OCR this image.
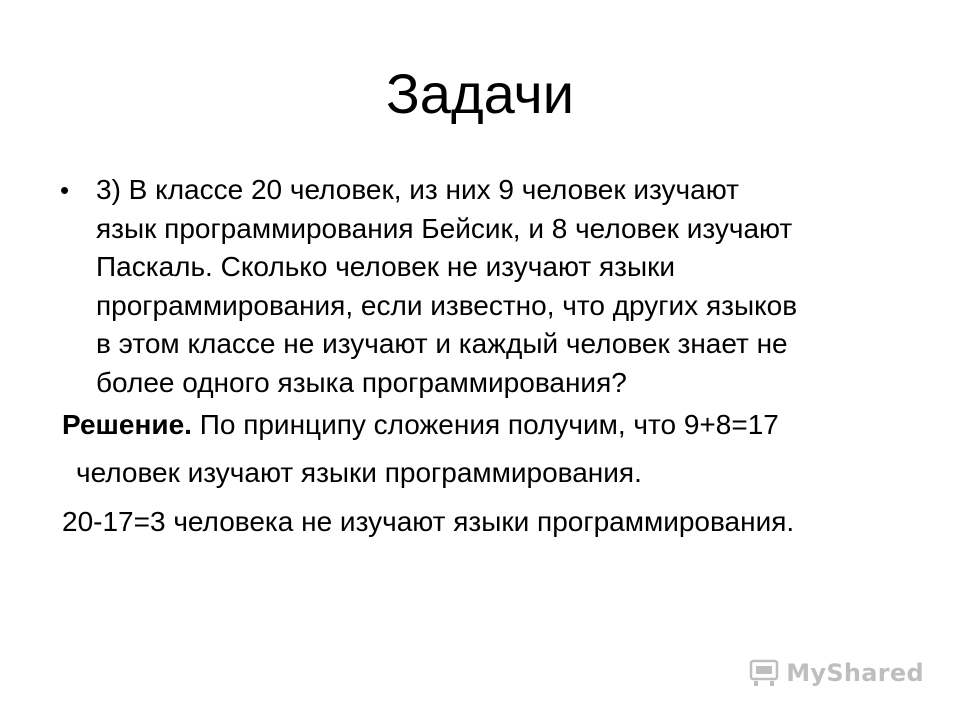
Задачи
• 3) В классе 20 человек, из них 9 человек изучают
язык программирования Бейсик, и 8 человек изучают
Паскаль. Сколько человек не изучают языки
программирования, если известно, что других языков
в этом классе не изучают и каждый человек знает не
более одного языка программирования?
Решение. По принципу сложения получим, что 9+8=17
человек изучают языки программирования.
20-17=3 человека не изучают языки программирования.
MyShared
